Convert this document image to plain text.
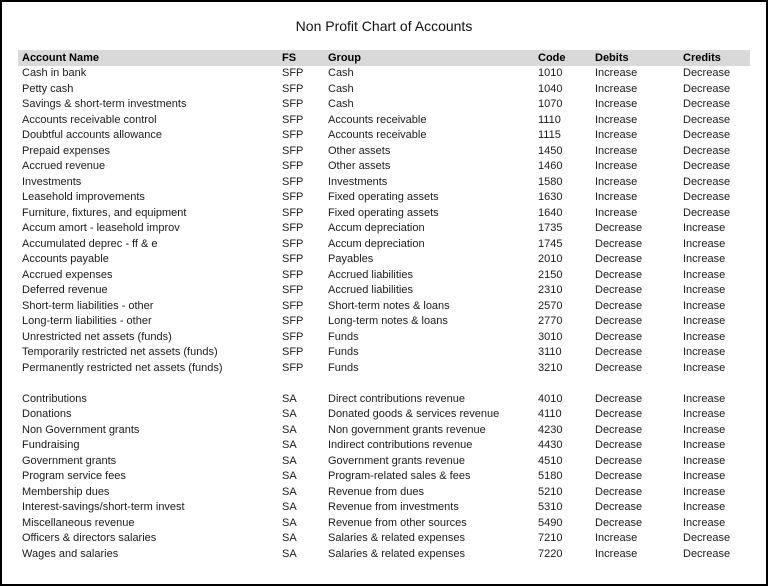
Non Profit Chart of Accounts
Account Name	FS	Group	Code	Debits	Credits
Cash in bank	SFP	Cash	1010	Increase	Decrease
Petty cash	SFP	Cash	1040	Increase	Decrease
Savings & short-term investments	SFP	Cash	1070	Increase	Decrease
Accounts receivable control	SFP	Accounts receivable	1110	Increase	Decrease
Doubtful accounts allowance	SFP	Accounts receivable	1115	Increase	Decrease
Prepaid expenses	SFP	Other assets	1450	Increase	Decrease
Accrued revenue	SFP	Other assets	1460	Increase	Decrease
Investments	SFP	Investments	1580	Increase	Decrease
Leasehold improvements	SFP	Fixed operating assets	1630	Increase	Decrease
Furniture, fixtures, and equipment	SFP	Fixed operating assets	1640	Increase	Decrease
Accum amort - leasehold improv	SFP	Accum depreciation	1735	Decrease	Increase
Accumulated deprec - ff & e	SFP	Accum depreciation	1745	Decrease	Increase
Accounts payable	SFP	Payables	2010	Decrease	Increase
Accrued expenses	SFP	Accrued liabilities	2150	Decrease	Increase
Deferred revenue	SFP	Accrued liabilities	2310	Decrease	Increase
Short-term liabilities - other	SFP	Short-term notes & loans	2570	Decrease	Increase
Long-term liabilities - other	SFP	Long-term notes & loans	2770	Decrease	Increase
Unrestricted net assets (funds)	SFP	Funds	3010	Decrease	Increase
Temporarily restricted net assets (funds)	SFP	Funds	3110	Decrease	Increase
Permanently restricted net assets (funds)	SFP	Funds	3210	Decrease	Increase

Contributions	SA	Direct contributions revenue	4010	Decrease	Increase
Donations	SA	Donated goods & services revenue	4110	Decrease	Increase
Non Government grants	SA	Non government grants revenue	4230	Decrease	Increase
Fundraising	SA	Indirect contributions revenue	4430	Decrease	Increase
Government grants	SA	Government grants revenue	4510	Decrease	Increase
Program service fees	SA	Program-related sales & fees	5180	Decrease	Increase
Membership dues	SA	Revenue from dues	5210	Decrease	Increase
Interest-savings/short-term invest	SA	Revenue from investments	5310	Decrease	Increase
Miscellaneous revenue	SA	Revenue from other sources	5490	Decrease	Increase
Officers & directors salaries	SA	Salaries & related expenses	7210	Increase	Decrease
Wages and salaries	SA	Salaries & related expenses	7220	Increase	Decrease
